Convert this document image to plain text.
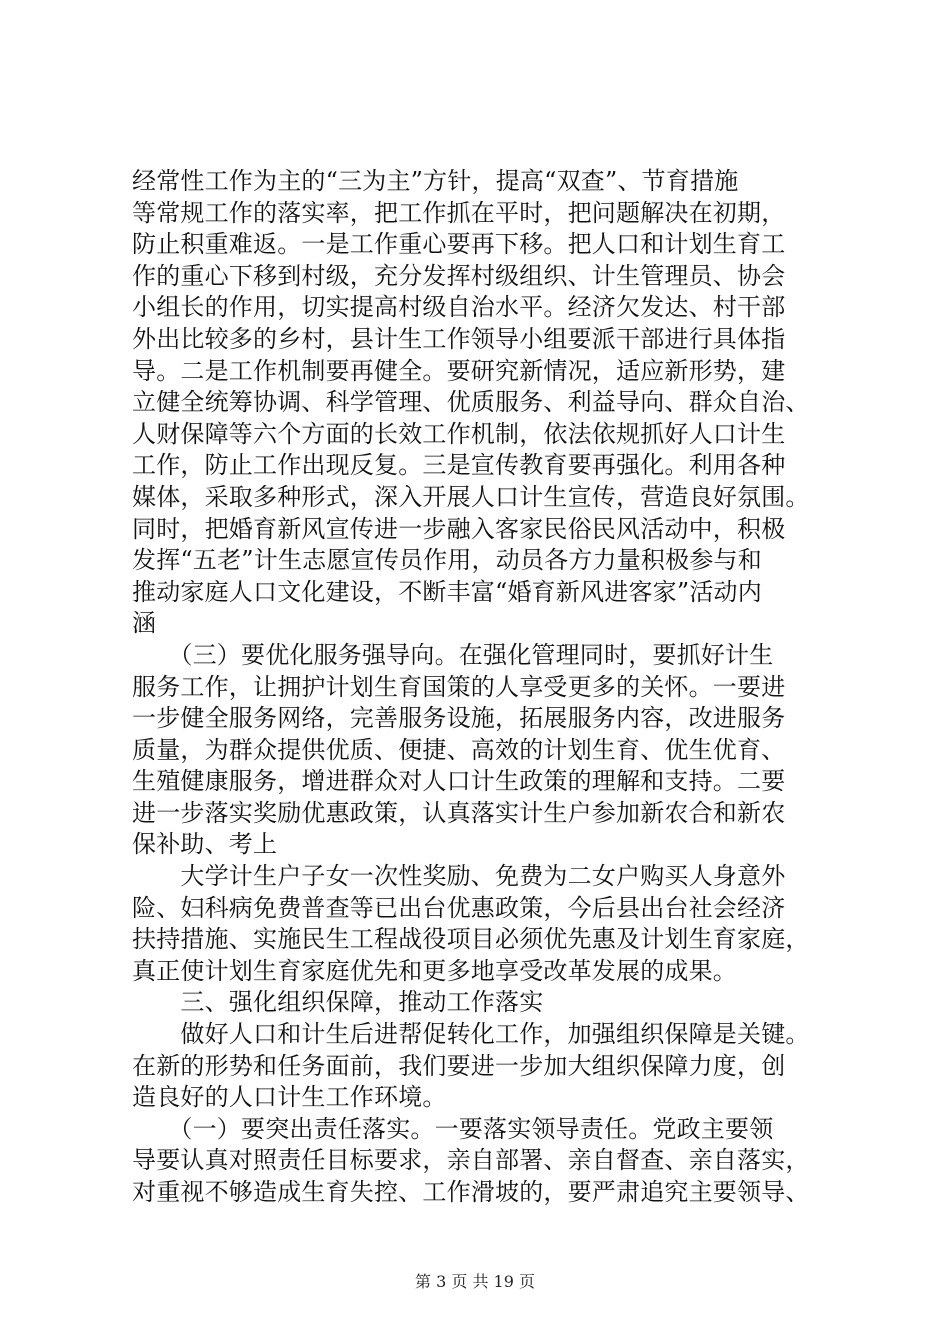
经常性工作为主的“三为主”方针，提高“双查”、节育措施
等常规工作的落实率，把工作抓在平时，把问题解决在初期，
防止积重难返。一是工作重心要再下移。把人口和计划生育工
作的重心下移到村级，充分发挥村级组织、计生管理员、协会
小组长的作用，切实提高村级自治水平。经济欠发达、村干部
外出比较多的乡村，县计生工作领导小组要派干部进行具体指
导。二是工作机制要再健全。要研究新情况，适应新形势，建
立健全统筹协调、科学管理、优质服务、利益导向、群众自治、
人财保障等六个方面的长效工作机制，依法依规抓好人口计生
工作，防止工作出现反复。三是宣传教育要再强化。利用各种
媒体，采取多种形式，深入开展人口计生宣传，营造良好氛围。
同时，把婚育新风宣传进一步融入客家民俗民风活动中，积极
发挥“五老”计生志愿宣传员作用，动员各方力量积极参与和
推动家庭人口文化建设，不断丰富“婚育新风进客家”活动内
涵
　　（三）要优化服务强导向。在强化管理同时，要抓好计生
服务工作，让拥护计划生育国策的人享受更多的关怀。一要进
一步健全服务网络，完善服务设施，拓展服务内容，改进服务
质量，为群众提供优质、便捷、高效的计划生育、优生优育、
生殖健康服务，增进群众对人口计生政策的理解和支持。二要
进一步落实奖励优惠政策，认真落实计生户参加新农合和新农
保补助、考上
　　大学计生户子女一次性奖励、免费为二女户购买人身意外
险、妇科病免费普查等已出台优惠政策，今后县出台社会经济
扶持措施、实施民生工程战役项目必须优先惠及计划生育家庭，
真正使计划生育家庭优先和更多地享受改革发展的成果。
　　三、强化组织保障，推动工作落实
　　做好人口和计生后进帮促转化工作，加强组织保障是关键。
在新的形势和任务面前，我们要进一步加大组织保障力度，创
造良好的人口计生工作环境。
　　（一）要突出责任落实。一要落实领导责任。党政主要领
导要认真对照责任目标要求，亲自部署、亲自督查、亲自落实，
对重视不够造成生育失控、工作滑坡的，要严肃追究主要领导、
第 3 页 共 19 页
